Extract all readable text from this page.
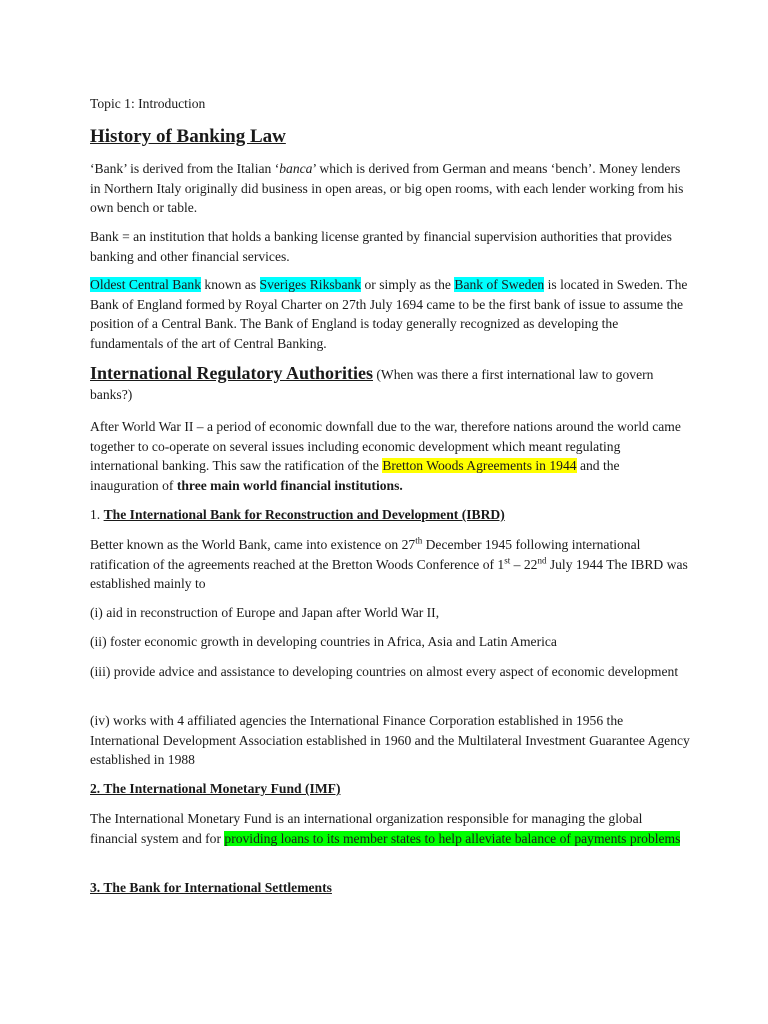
Topic 1: Introduction

History of Banking Law

‘Bank’ is derived from the Italian ‘banca’ which is derived from German and means ‘bench’. Money lenders in Northern Italy originally did business in open areas, or big open rooms, with each lender working from his own bench or table.

Bank = an institution that holds a banking license granted by financial supervision authorities that provides banking and other financial services.

Oldest Central Bank known as Sveriges Riksbank or simply as the Bank of Sweden is located in Sweden. The Bank of England formed by Royal Charter on 27th July 1694 came to be the first bank of issue to assume the position of a Central Bank. The Bank of England is today generally recognized as developing the fundamentals of the art of Central Banking.

International Regulatory Authorities (When was there a first international law to govern banks?)

After World War II – a period of economic downfall due to the war, therefore nations around the world came together to co-operate on several issues including economic development which meant regulating international banking. This saw the ratification of the Bretton Woods Agreements in 1944 and the inauguration of three main world financial institutions.

1. The International Bank for Reconstruction and Development (IBRD)

Better known as the World Bank, came into existence on 27th December 1945 following international ratification of the agreements reached at the Bretton Woods Conference of 1st – 22nd July 1944 The IBRD was established mainly to

(i) aid in reconstruction of Europe and Japan after World War II,

(ii) foster economic growth in developing countries in Africa, Asia and Latin America

(iii) provide advice and assistance to developing countries on almost every aspect of economic development

(iv) works with 4 affiliated agencies the International Finance Corporation established in 1956 the International Development Association established in 1960 and the Multilateral Investment Guarantee Agency established in 1988

2. The International Monetary Fund (IMF)

The International Monetary Fund is an international organization responsible for managing the global financial system and for providing loans to its member states to help alleviate balance of payments problems

3. The Bank for International Settlements
